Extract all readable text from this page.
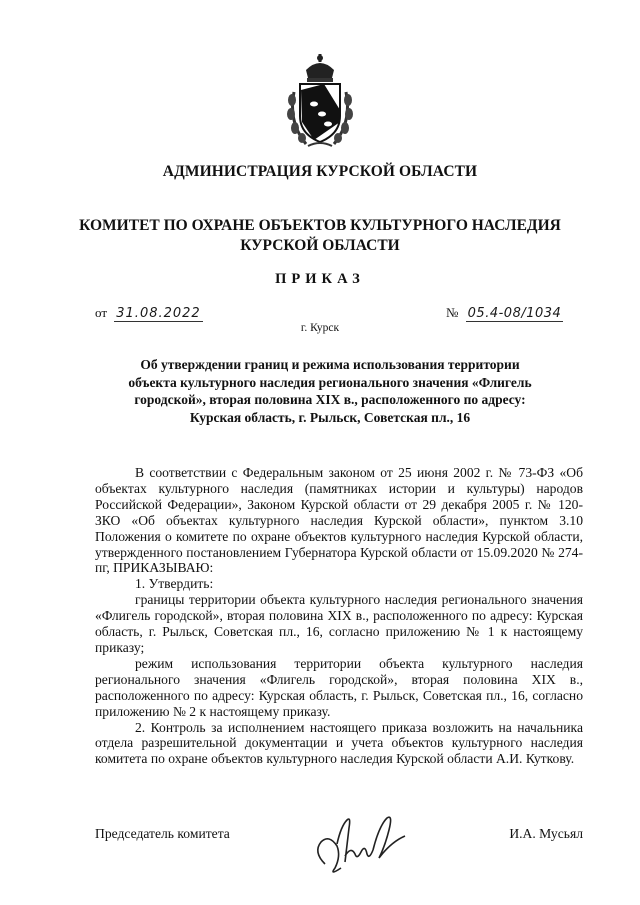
АДМИНИСТРАЦИЯ КУРСКОЙ ОБЛАСТИ
КОМИТЕТ ПО ОХРАНЕ ОБЪЕКТОВ КУЛЬТУРНОГО НАСЛЕДИЯ
КУРСКОЙ ОБЛАСТИ
ПРИКАЗ
от 31.08.2022	№ 05.4-08/1034
г. Курск
Об утверждении границ и режима использования территории
объекта культурного наследия регионального значения «Флигель
городской», вторая половина XIX в., расположенного по адресу:
Курская область, г. Рыльск, Советская пл., 16

В соответствии с Федеральным законом от 25 июня 2002 г. № 73-ФЗ «Об объектах культурного наследия (памятниках истории и культуры) народов Российской Федерации», Законом Курской области от 29 декабря 2005 г. № 120-ЗКО «Об объектах культурного наследия Курской области», пунктом 3.10 Положения о комитете по охране объектов культурного наследия Курской области, утвержденного постановлением Губернатора Курской области от 15.09.2020 № 274-пг, ПРИКАЗЫВАЮ:

1. Утвердить:

границы территории объекта культурного наследия регионального значения «Флигель городской», вторая половина XIX в., расположенного по адресу: Курская область, г. Рыльск, Советская пл., 16, согласно приложению № 1 к настоящему приказу;

режим использования территории объекта культурного наследия регионального значения «Флигель городской», вторая половина XIX в., расположенного по адресу: Курская область, г. Рыльск, Советская пл., 16, согласно приложению № 2 к настоящему приказу.

2. Контроль за исполнением настоящего приказа возложить на начальника отдела разрешительной документации и учета объектов культурного наследия комитета по охране объектов культурного наследия Курской области А.И. Куткову.

Председатель комитета	И.А. Мусьял
